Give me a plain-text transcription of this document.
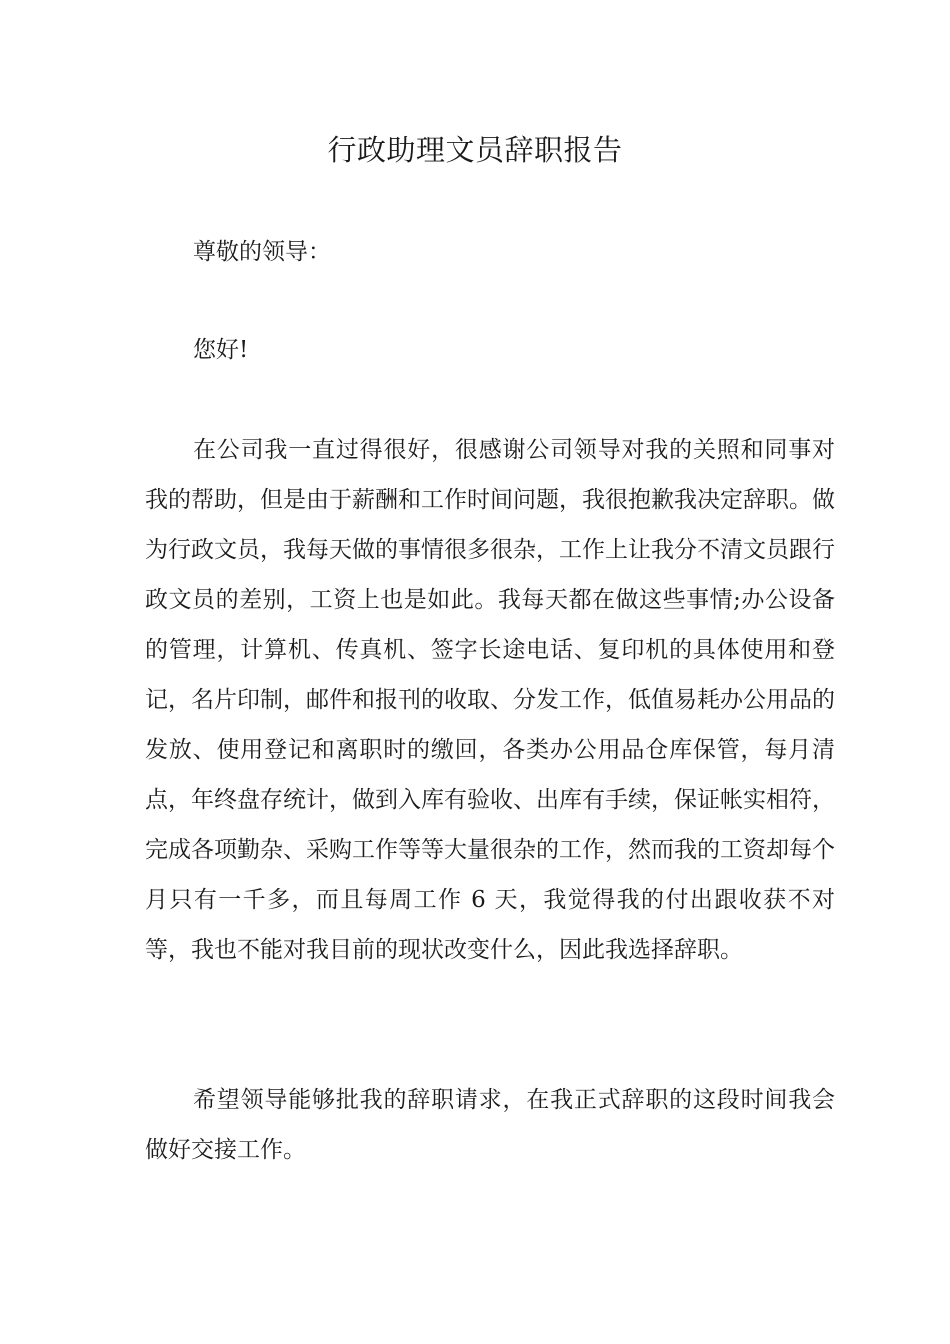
行政助理文员辞职报告

尊敬的领导：

您好!

在公司我一直过得很好，很感谢公司领导对我的关照和同事对我的帮助，但是由于薪酬和工作时间问题，我很抱歉我决定辞职。做为行政文员，我每天做的事情很多很杂，工作上让我分不清文员跟行政文员的差别，工资上也是如此。我每天都在做这些事情;办公设备的管理，计算机、传真机、签字长途电话、复印机的具体使用和登记，名片印制，邮件和报刊的收取、分发工作，低值易耗办公用品的发放、使用登记和离职时的缴回，各类办公用品仓库保管，每月清点，年终盘存统计，做到入库有验收、出库有手续，保证帐实相符，完成各项勤杂、采购工作等等大量很杂的工作，然而我的工资却每个月只有一千多，而且每周工作 6 天，我觉得我的付出跟收获不对等，我也不能对我目前的现状改变什么，因此我选择辞职。

希望领导能够批我的辞职请求，在我正式辞职的这段时间我会做好交接工作。
